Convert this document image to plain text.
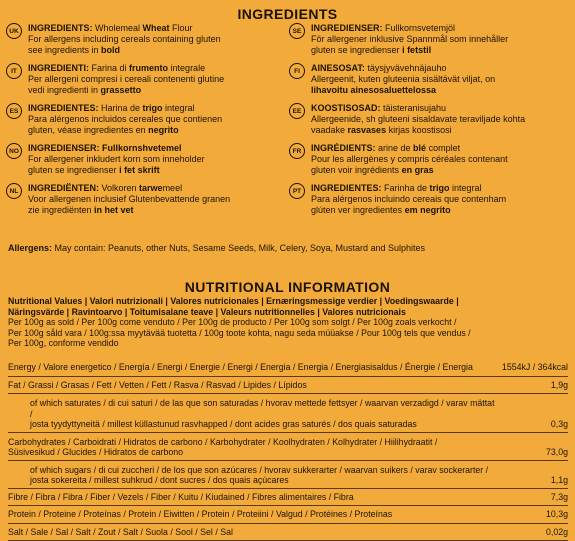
INGREDIENTS
UK	INGREDIENTS: Wholemeal Wheat Flour
For allergens including cereals containing gluten
see ingredients in bold
IT	INGREDIENTI: Farina di frumento integrale
Per allergeni compresi i cereali contenenti glutine
vedi ingredienti in grassetto
ES	INGREDIENTES: Harina de trigo integral
Para alérgenos incluidos cereales que contienen
gluten, véase ingredientes en negrito
NO	INGREDIENSER: Fullkornshvetemel
For allergener inkludert korn som inneholder
gluten se ingredienser i fet skrift
NL	INGREDIËNTEN: Volkoren tarwemeel
Voor allergenen inclusief Glutenbevattende granen
zie ingrediënten in het vet
SE	INGREDIENSER: Fullkornsvetemjöl
För allergener inklusive Spannmål som innehåller
gluten se ingredienser i fetstil
FI	AINESOSAT: täysjyvävehnäjauho
Allergeenit, kuten gluteenia sisältävät viljat, on
lihavoitu ainesosaluettelossa
EE	KOOSTISOSAD: täisteranisujahu
Allergeenide, sh gluteeni sisaldavate teraviljade kohta
vaadake rasvases kirjas koostisosi
FR	INGRÉDIENTS: arine de blé complet
Pour les allergènes y compris céréales contenant
gluten voir ingrédients en gras
PT	INGREDIENTES: Farinha de trigo integral
Para alérgenos incluindo cereais que contenham
glúten ver ingredientes em negrito
Allergens: May contain: Peanuts, other Nuts, Sesame Seeds, Milk, Celery, Soya, Mustard and Sulphites
NUTRITIONAL INFORMATION
Nutritional Values | Valori nutrizionali | Valores nutricionales | Ernæringsmessige verdier | Voedingswaarde |
Näringsvärde | Ravintoarvo | Toitumisalane teave | Valeurs nutritionnelles | Valores nutricionais
Per 100g as sold / Per 100g come venduto / Per 100g de producto / Per 100g som solgt / Per 100g zoals verkocht /
Per 100g såld vara / 100g:ssa myytävää tuotetta / 100g toote kohta, nagu seda müüakse / Pour 100g tels que vendus /
Per 100g, conforme vendido
Energy / Valore energetico / Energía / Energi / Energie / Energi / Energia / Energia / Energiasisaldus / Énergie / Energia	1554kJ / 364kcal

Fat / Grassi / Grasas / Fett / Vetten / Fett / Rasva / Rasvad / Lipides / Lípidos	1,9g

of which saturates / di cui saturi / de las que son saturadas / hvorav mettede fettsyer / waarvan verzadigd / varav mättat /
josta tyydyttyneitä / millest küllastunud rasvhapped / dont acides gras saturés / dos quais saturadas	0,3g

Carbohydrates / Carboidrati / Hidratos de carbono / Karbohydrater / Koolhydraten / Kolhydrater / Hiilihydraatit /
Süsivesikud / Glucides / Hidratos de carbono	73,0g

of which sugars / di cui zuccheri / de los que son azúcares / hvorav sukkerarter / waarvan suikers / varav sockerarter /
josta sokereita / millest suhkrud / dont sucres / dos quais açúcares	1,1g

Fibre / Fibra / Fibra / Fiber / Vezels / Fiber / Kuitu / Kiudained / Fibres alimentaires / Fibra	7,3g

Protein / Proteine / Proteínas / Protein / Eiwitten / Protein / Proteiini / Valgud / Protéines / Proteínas	10,3g

Salt / Sale / Sal / Salt / Zout / Salt / Suola / Sool / Sel / Sal	0,02g
